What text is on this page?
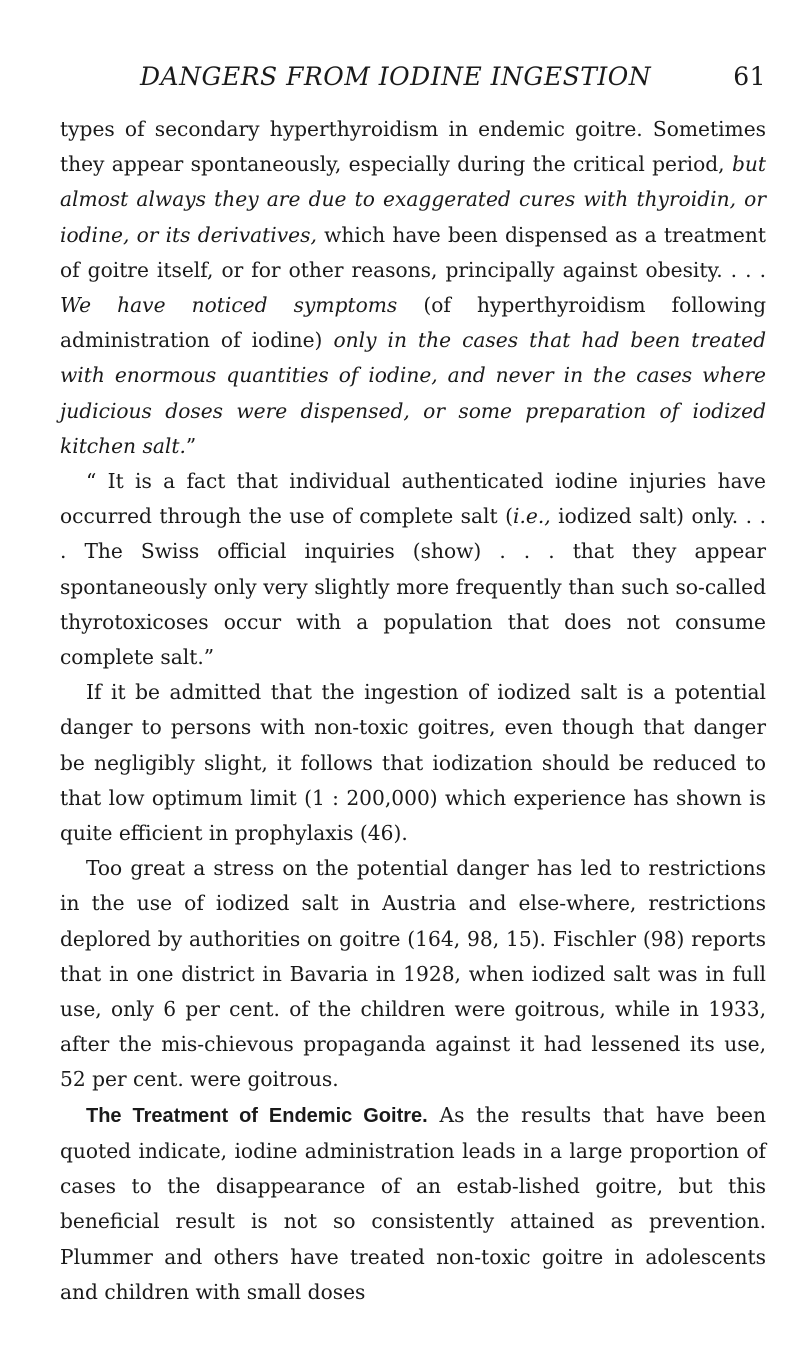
DANGERS FROM IODINE INGESTION	61

types of secondary hyperthyroidism in endemic goitre. Sometimes they appear spontaneously, especially during the critical period, but almost always they are due to exaggerated cures with thyroidin, or iodine, or its derivatives, which have been dispensed as a treatment of goitre itself, or for other reasons, principally against obesity. . . . We have noticed symptoms (of hyperthyroidism following administration of iodine) only in the cases that had been treated with enormous quantities of iodine, and never in the cases where judicious doses were dispensed, or some preparation of iodized kitchen salt.”

“ It is a fact that individual authenticated iodine injuries have occurred through the use of complete salt (i.e., iodized salt) only. . . . The Swiss official inquiries (show) . . . that they appear spontaneously only very slightly more frequently than such so-called thyrotoxicoses occur with a population that does not consume complete salt.”

If it be admitted that the ingestion of iodized salt is a potential danger to persons with non-toxic goitres, even though that danger be negligibly slight, it follows that iodization should be reduced to that low optimum limit (1 : 200,000) which experience has shown is quite efficient in prophylaxis (46).

Too great a stress on the potential danger has led to restrictions in the use of iodized salt in Austria and else-where, restrictions deplored by authorities on goitre (164, 98, 15). Fischler (98) reports that in one district in Bavaria in 1928, when iodized salt was in full use, only 6 per cent. of the children were goitrous, while in 1933, after the mis-chievous propaganda against it had lessened its use, 52 per cent. were goitrous.

The Treatment of Endemic Goitre. As the results that have been quoted indicate, iodine administration leads in a large proportion of cases to the disappearance of an estab-lished goitre, but this beneficial result is not so consistently attained as prevention. Plummer and others have treated non-toxic goitre in adolescents and children with small doses
